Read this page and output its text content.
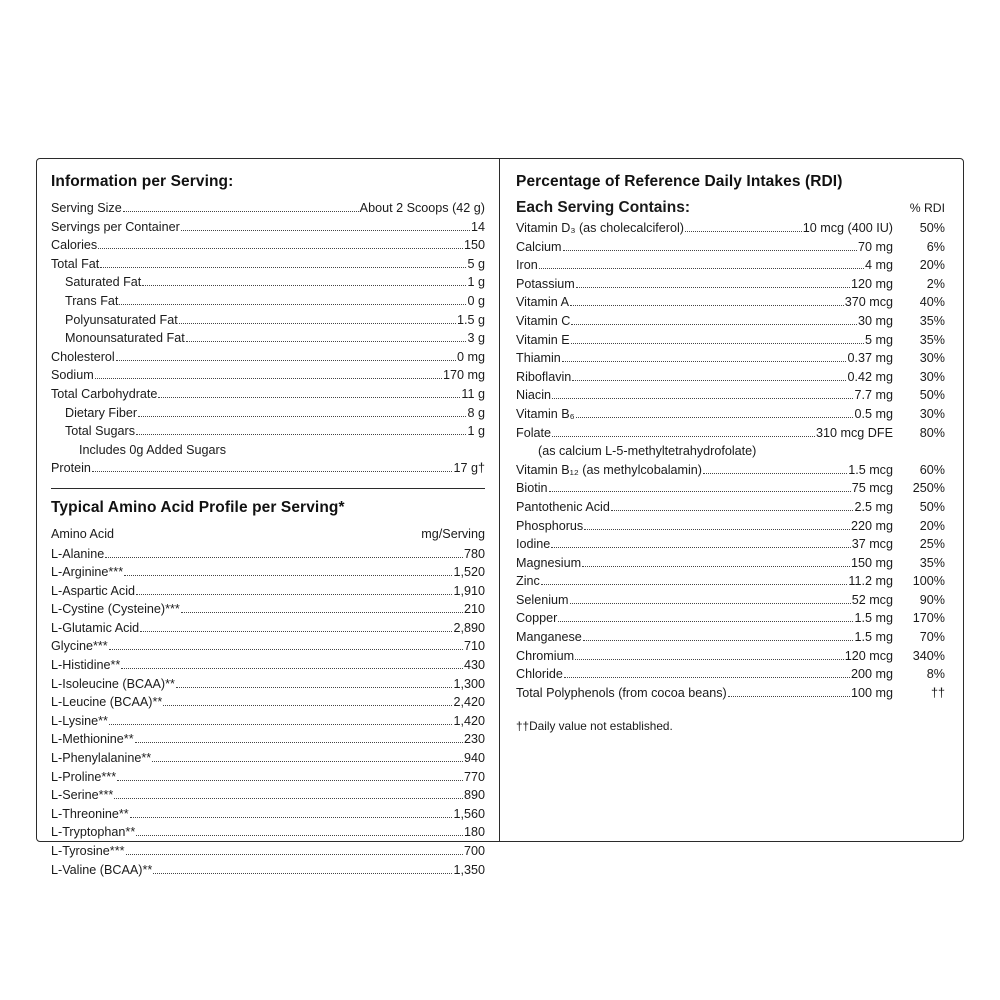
Information per Serving:
Serving Size	About 2 Scoops (42 g)
Servings per Container	14
Calories	150
Total Fat	5 g
Saturated Fat	1 g
Trans Fat	0 g
Polyunsaturated Fat	1.5 g
Monounsaturated Fat	3 g
Cholesterol	0 mg
Sodium	170 mg
Total Carbohydrate	11 g
Dietary Fiber	8 g
Total Sugars	1 g
Includes 0g Added Sugars
Protein	17 g†
Typical Amino Acid Profile per Serving*
Amino Acid	mg/Serving
L-Alanine	780
L-Arginine***	1,520
L-Aspartic Acid	1,910
L-Cystine (Cysteine)***	210
L-Glutamic Acid	2,890
Glycine***	710
L-Histidine**	430
L-Isoleucine (BCAA)**	1,300
L-Leucine (BCAA)**	2,420
L-Lysine**	1,420
L-Methionine**	230
L-Phenylalanine**	940
L-Proline***	770
L-Serine***	890
L-Threonine**	1,560
L-Tryptophan**	180
L-Tyrosine***	700
L-Valine (BCAA)**	1,350
Percentage of Reference Daily Intakes (RDI)
Each Serving Contains:	% RDI
Vitamin D₃ (as cholecalciferol)	10 mcg (400 IU)	50%
Calcium	70 mg	6%
Iron	4 mg	20%
Potassium	120 mg	2%
Vitamin A	370 mcg	40%
Vitamin C	30 mg	35%
Vitamin E	5 mg	35%
Thiamin	0.37 mg	30%
Riboflavin	0.42 mg	30%
Niacin	7.7 mg	50%
Vitamin B₆	0.5 mg	30%
Folate	310 mcg DFE	80%
(as calcium L-5-methyltetrahydrofolate)
Vitamin B₁₂ (as methylcobalamin)	1.5 mcg	60%
Biotin	75 mcg	250%
Pantothenic Acid	2.5 mg	50%
Phosphorus	220 mg	20%
Iodine	37 mcg	25%
Magnesium	150 mg	35%
Zinc	11.2 mg	100%
Selenium	52 mcg	90%
Copper	1.5 mg	170%
Manganese	1.5 mg	70%
Chromium	120 mcg	340%
Chloride	200 mg	8%
Total Polyphenols (from cocoa beans)	100 mg	††
††Daily value not established.
